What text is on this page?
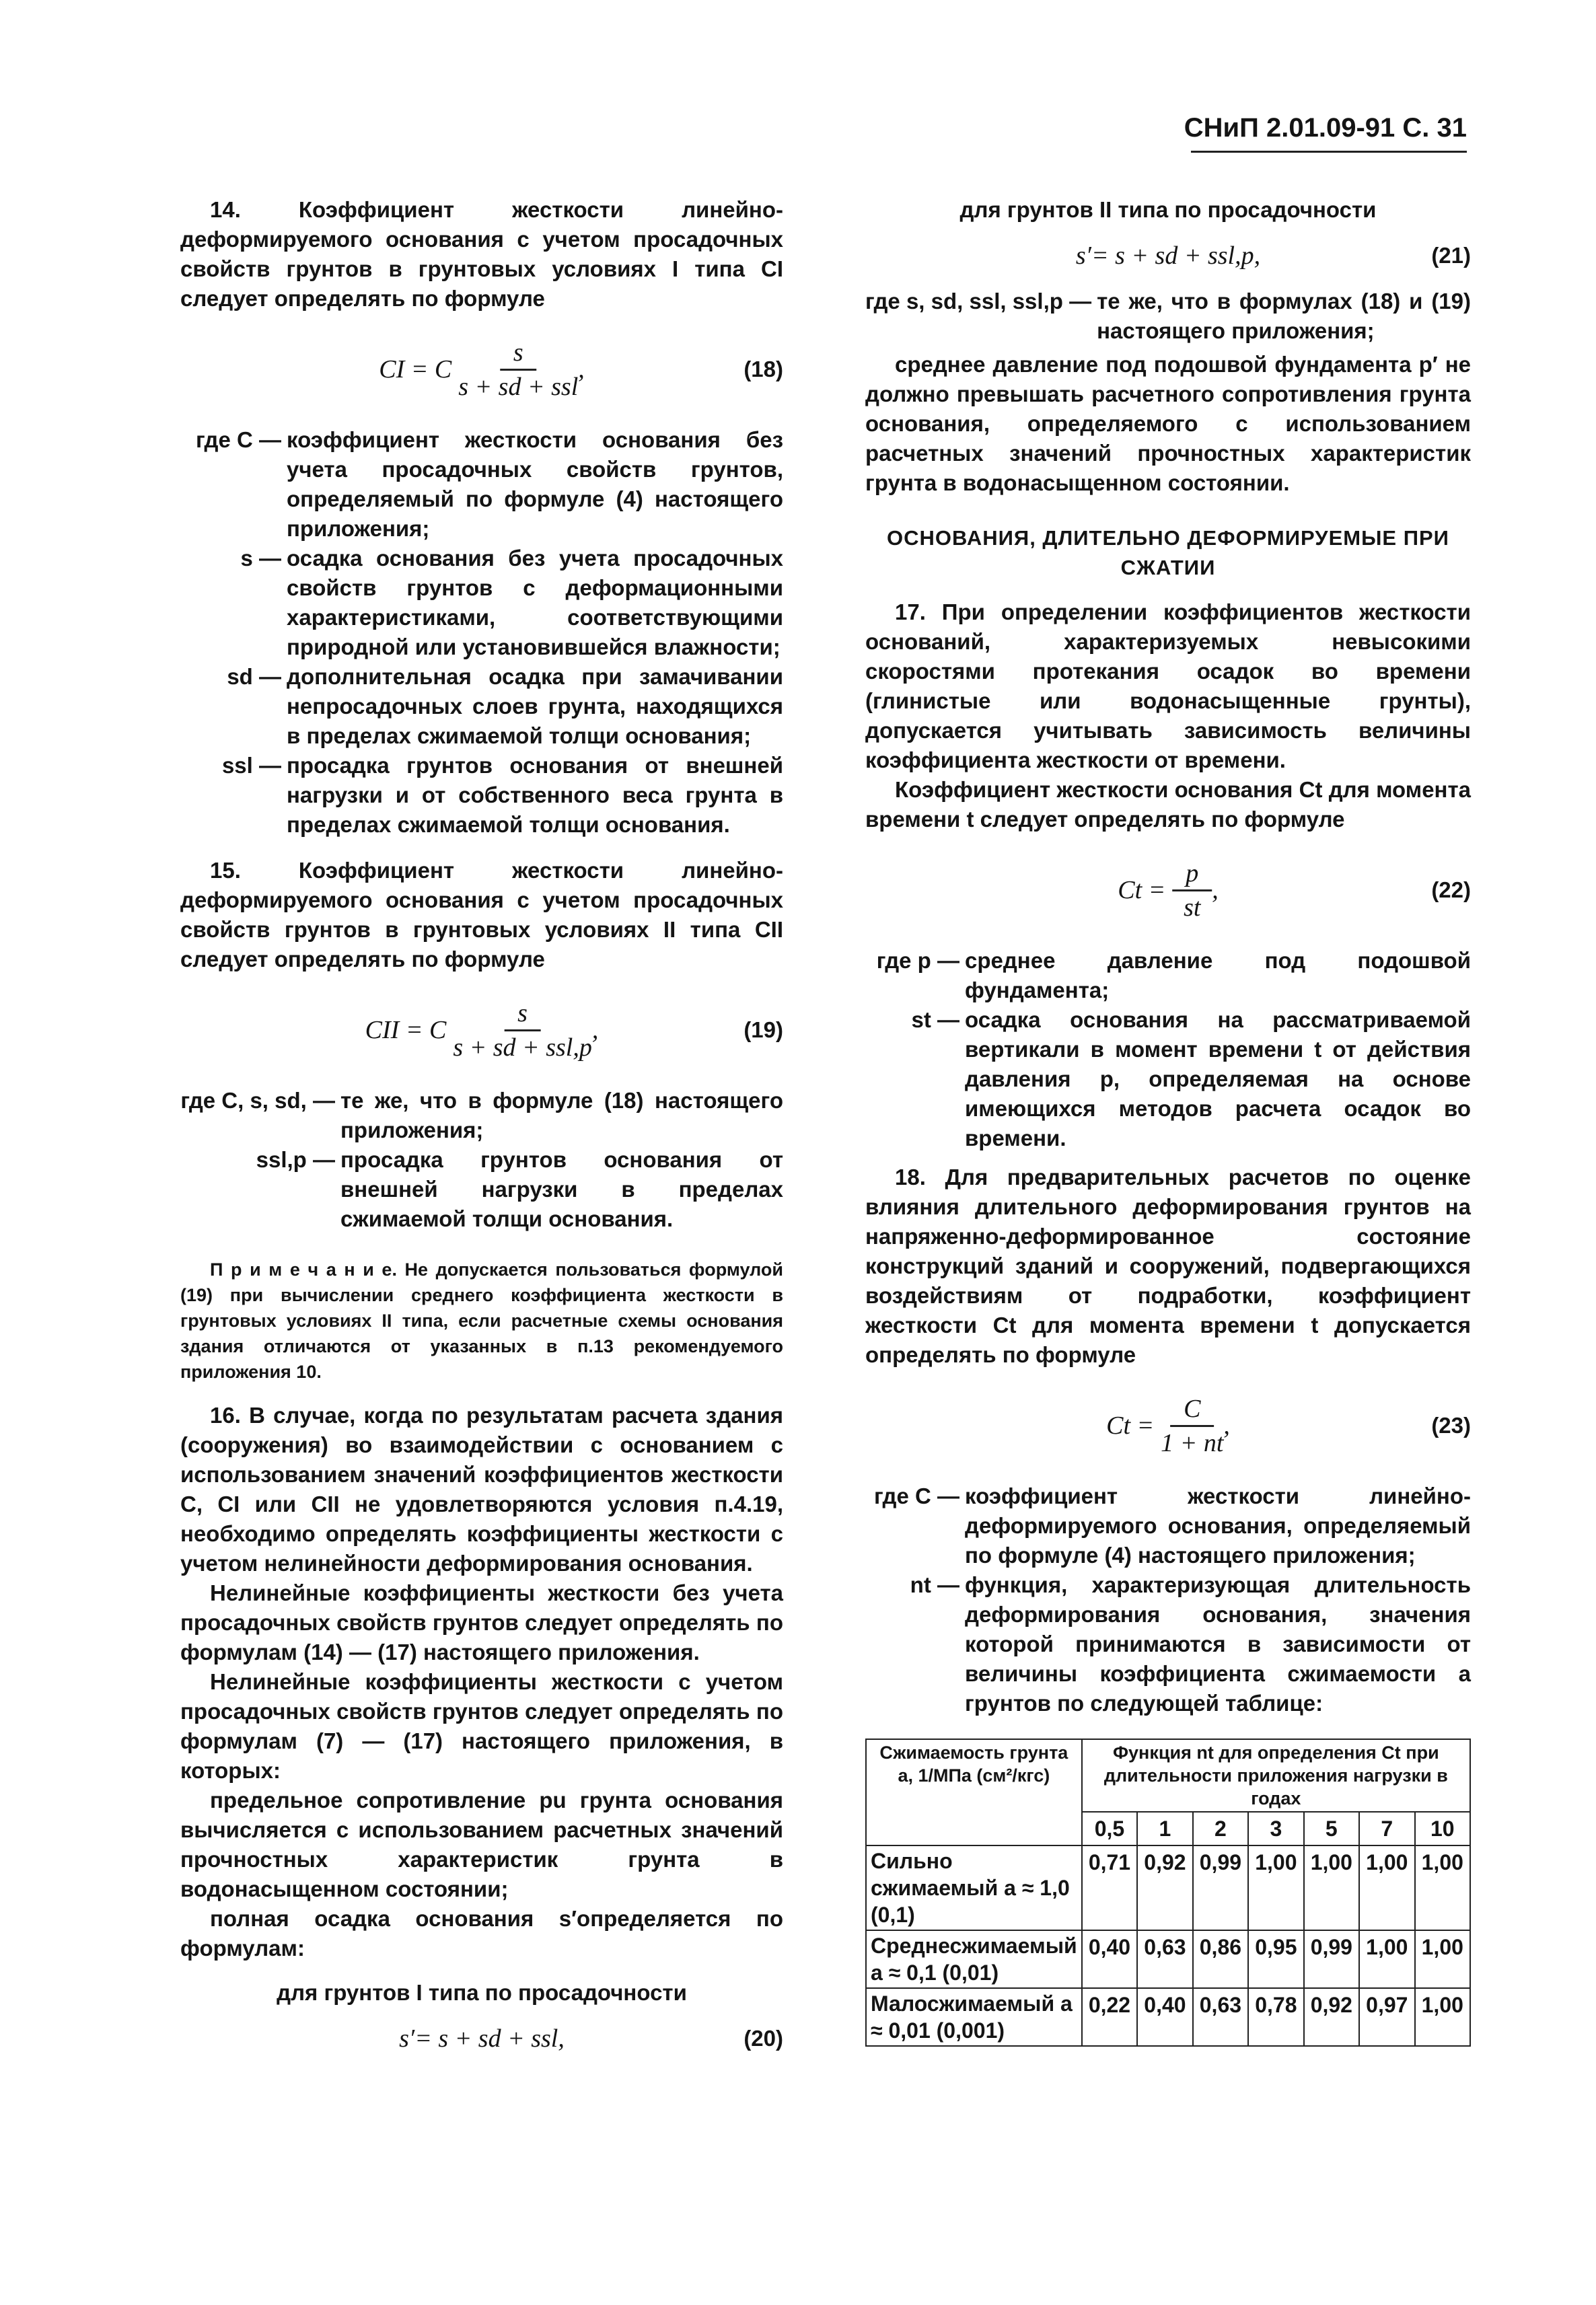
СНиП 2.01.09-91 С. 31

14. Коэффициент жесткости линейно-деформируемого основания с учетом просадочных свойств грунтов в грунтовых условиях I типа CI следует определять по формуле

CI = C $\frac{s}{\text{s + sd + ssl}}$ ,	(18)
где C — коэффициент жесткости основания без учета просадочных свойств грунтов, определяемый по формуле (4) настоящего приложения;
s — осадка основания без учета просадочных свойств грунтов с деформационными характеристиками, соответствующими природной или установившейся влажности;
sd — дополнительная осадка при замачивании непросадочных слоев грунта, находящихся в пределах сжимаемой толщи основания;
ssl — просадка грунтов основания от внешней нагрузки и от собственного веса грунта в пределах сжимаемой толщи основания.

15. Коэффициент жесткости линейно-деформируемого основания с учетом просадочных свойств грунтов в грунтовых условиях II типа CII следует определять по формуле

CII = C $\frac{s}{\text{s + sd + ssl,p}}$ ,	(19)
где C, s, sd, — те же, что в формуле (18) настоящего приложения;
ssl,p — просадка грунтов основания от внешней нагрузки в пределах сжимаемой толщи основания.

П р и м е ч а н и е. Не допускается пользоваться формулой (19) при вычислении среднего коэффициента жесткости в грунтовых условиях II типа, если расчетные схемы основания здания отличаются от указанных в п.13 рекомендуемого приложения 10.

16. В случае, когда по результатам расчета здания (сооружения) во взаимодействии с основанием с использованием значений коэффициентов жесткости C, CI или CII не удовлетворяются условия п.4.19, необходимо определять коэффициенты жесткости с учетом нелинейности деформирования основания.

Нелинейные коэффициенты жесткости без учета просадочных свойств грунтов следует определять по формулам (14) — (17) настоящего приложения.

Нелинейные коэффициенты жесткости с учетом просадочных свойств грунтов следует определять по формулам (7) — (17) настоящего приложения, в которых:

предельное сопротивление pu грунта основания вычисляется с использованием расчетных значений прочностных характеристик грунта в водонасыщенном состоянии;

полная осадка основания s′определяется по формулам:

для грунтов I типа по просадочности

s′= s + sd + ssl,	(20)

для грунтов II типа по просадочности

s′= s + sd + ssl,p,	(21)
где s, sd, ssl, ssl,p — те же, что в формулах (18) и (19) настоящего приложения;

среднее давление под подошвой фундамента p′ не должно превышать расчетного сопротивления грунта основания, определяемого с использованием расчетных значений прочностных характеристик грунта в водонасыщенном состоянии.

ОСНОВАНИЯ, ДЛИТЕЛЬНО ДЕФОРМИРУЕМЫЕ ПРИ СЖАТИИ

17. При определении коэффициентов жесткости оснований, характеризуемых невысокими скоростями протекания осадок во времени (глинистые или водонасыщенные грунты), допускается учитывать зависимость величины коэффициента жесткости от времени.

Коэффициент жесткости основания Ct для момента времени t следует определять по формуле

$Ct = \frac{p}{st}$ ,	(22)
где p — среднее давление под подошвой фундамента;
st — осадка основания на рассматриваемой вертикали в момент времени t от действия давления p, определяемая на основе имеющихся методов расчета осадок во времени.

18. Для предварительных расчетов по оценке влияния длительного деформирования грунтов на напряженно-деформированное состояние конструкций зданий и сооружений, подвергающихся воздействиям от подработки, коэффициент жесткости Ct для момента времени t допускается определять по формуле

$Ct = \frac{C}{1 + nt}$ ,	(23)
где C — коэффициент жесткости линейно-деформируемого основания, определяемый по формуле (4) настоящего приложения;
nt — функция, характеризующая длительность деформирования основания, значения которой принимаются в зависимости от величины коэффициента сжимаемости a грунтов по следующей таблице:
Сжимаемость грунта a, 1/МПа (см²/кгс)	Функция nt для определения Ct при длительности приложения нагрузки в годах						
	0,5	1	2	3	5	7	10
Сильно сжимаемый a ≈ 1,0 (0,1)	0,71	0,92	0,99	1,00	1,00	1,00	1,00
Среднесжимаемый a ≈ 0,1 (0,01)	0,40	0,63	0,86	0,95	0,99	1,00	1,00
Малосжимаемый a ≈ 0,01 (0,001)	0,22	0,40	0,63	0,78	0,92	0,97	1,00
